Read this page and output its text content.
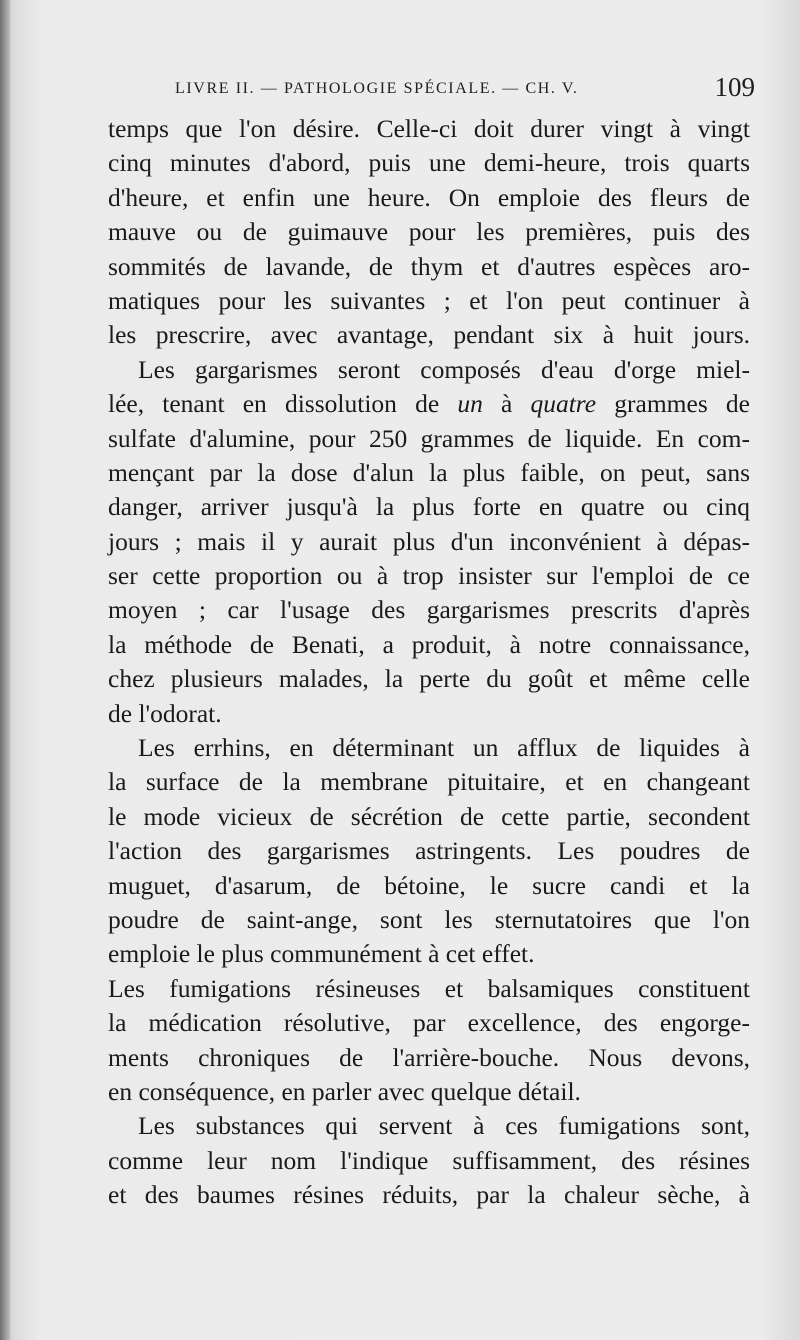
LIVRE II. — PATHOLOGIE SPÉCIALE. — CH. V.	109
temps que l'on désire. Celle-ci doit durer vingt à vingt
cinq minutes d'abord, puis une demi-heure, trois quarts
d'heure, et enfin une heure. On emploie des fleurs de
mauve ou de guimauve pour les premières, puis des
sommités de lavande, de thym et d'autres espèces aro-
matiques pour les suivantes ; et l'on peut continuer à
les prescrire, avec avantage, pendant six à huit jours.
Les gargarismes seront composés d'eau d'orge miel-
lée, tenant en dissolution de un à quatre grammes de
sulfate d'alumine, pour 250 grammes de liquide. En com-
mençant par la dose d'alun la plus faible, on peut, sans
danger, arriver jusqu'à la plus forte en quatre ou cinq
jours ; mais il y aurait plus d'un inconvénient à dépas-
ser cette proportion ou à trop insister sur l'emploi de ce
moyen ; car l'usage des gargarismes prescrits d'après
la méthode de Benati, a produit, à notre connaissance,
chez plusieurs malades, la perte du goût et même celle
de l'odorat.
Les errhins, en déterminant un afflux de liquides à
la surface de la membrane pituitaire, et en changeant
le mode vicieux de sécrétion de cette partie, secondent
l'action des gargarismes astringents. Les poudres de
muguet, d'asarum, de bétoine, le sucre candi et la
poudre de saint-ange, sont les sternutatoires que l'on
emploie le plus communément à cet effet.
Les fumigations résineuses et balsamiques constituent
la médication résolutive, par excellence, des engorge-
ments chroniques de l'arrière-bouche. Nous devons,
en conséquence, en parler avec quelque détail.
Les substances qui servent à ces fumigations sont,
comme leur nom l'indique suffisamment, des résines
et des baumes résines réduits, par la chaleur sèche, à
